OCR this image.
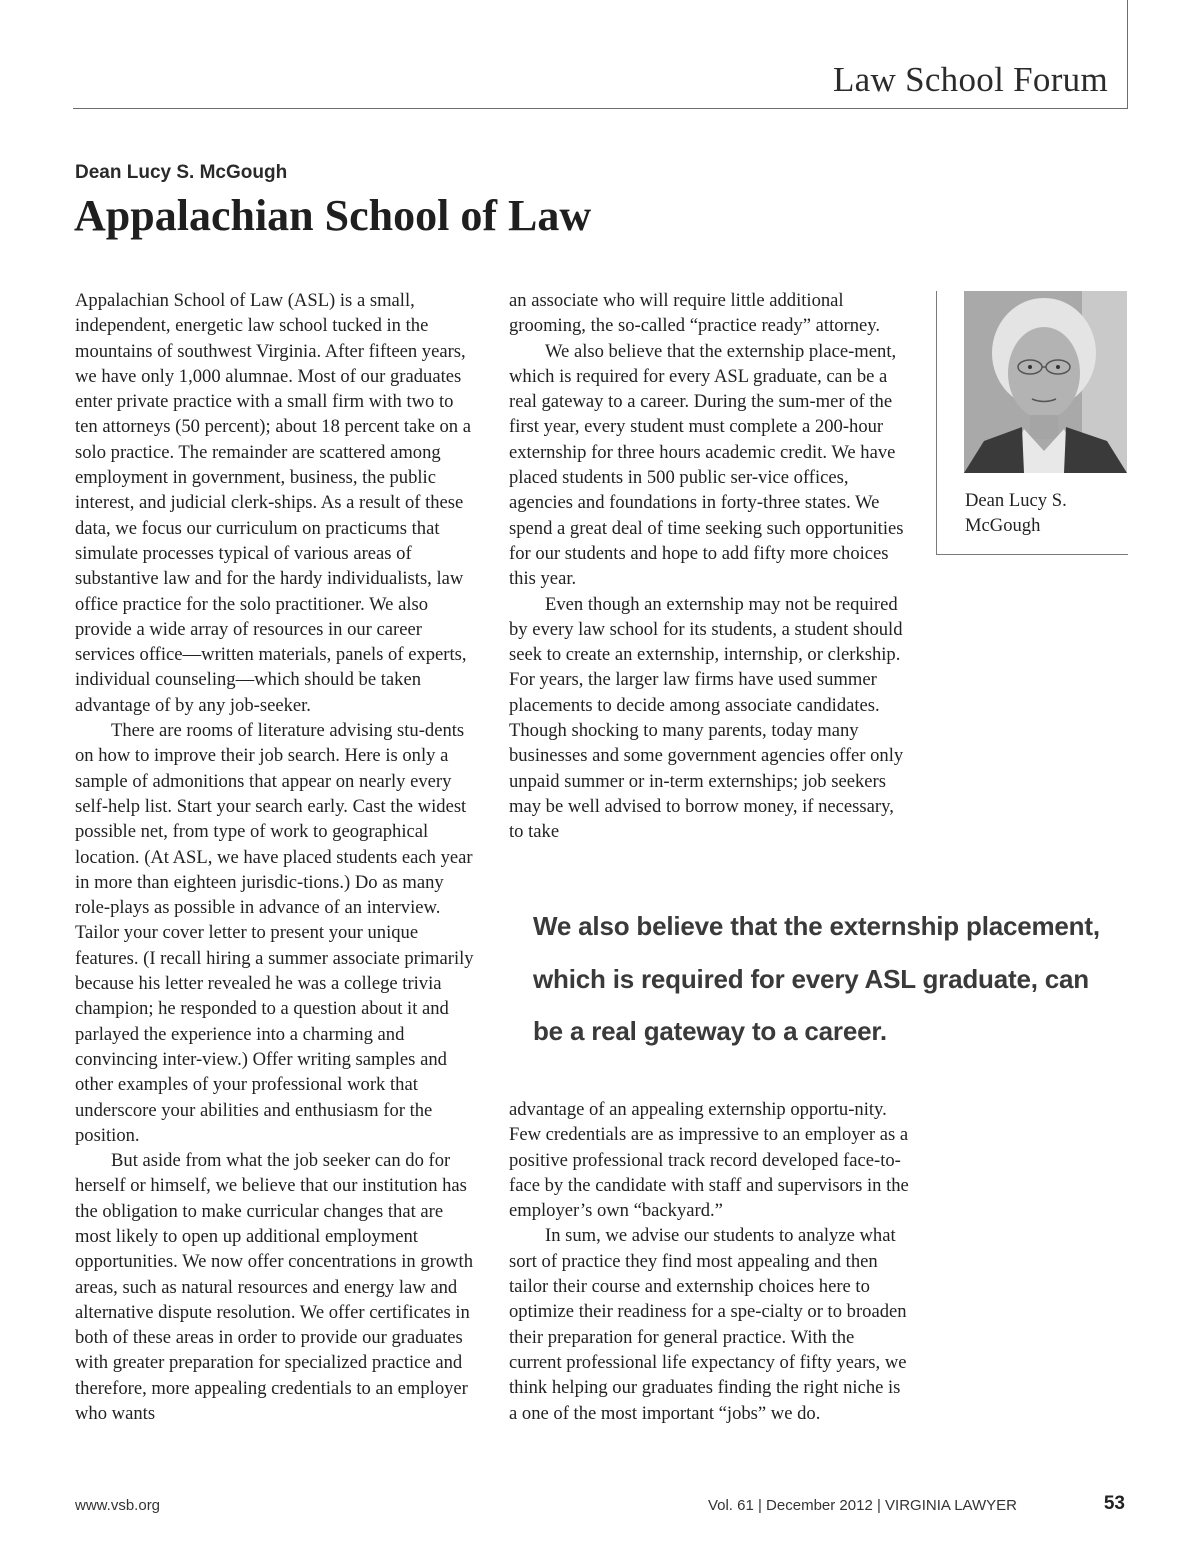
Law School Forum
Dean Lucy S. McGough
Appalachian School of Law

Appalachian School of Law (ASL) is a small, independent, energetic law school tucked in the mountains of southwest Virginia. After fifteen years, we have only 1,000 alumnae. Most of our graduates enter private practice with a small firm with two to ten attorneys (50 percent); about 18 percent take on a solo practice. The remainder are scattered among employment in government, business, the public interest, and judicial clerk-ships. As a result of these data, we focus our curriculum on practicums that simulate processes typical of various areas of substantive law and for the hardy individualists, law office practice for the solo practitioner. We also provide a wide array of resources in our career services office—written materials, panels of experts, individual counseling—which should be taken advantage of by any job-seeker.

There are rooms of literature advising stu-dents on how to improve their job search. Here is only a sample of admonitions that appear on nearly every self-help list. Start your search early. Cast the widest possible net, from type of work to geographical location. (At ASL, we have placed students each year in more than eighteen jurisdic-tions.) Do as many role-plays as possible in advance of an interview. Tailor your cover letter to present your unique features. (I recall hiring a summer associate primarily because his letter revealed he was a college trivia champion; he responded to a question about it and parlayed the experience into a charming and convincing inter-view.) Offer writing samples and other examples of your professional work that underscore your abilities and enthusiasm for the position.

But aside from what the job seeker can do for herself or himself, we believe that our institution has the obligation to make curricular changes that are most likely to open up additional employment opportunities. We now offer concentrations in growth areas, such as natural resources and energy law and alternative dispute resolution. We offer certificates in both of these areas in order to provide our graduates with greater preparation for specialized practice and therefore, more appealing credentials to an employer who wants

an associate who will require little additional grooming, the so-called “practice ready” attorney.

We also believe that the externship place-ment, which is required for every ASL graduate, can be a real gateway to a career. During the sum-mer of the first year, every student must complete a 200-hour externship for three hours academic credit. We have placed students in 500 public ser-vice offices, agencies and foundations in forty-three states. We spend a great deal of time seeking such opportunities for our students and hope to add fifty more choices this year.

Even though an externship may not be required by every law school for its students, a student should seek to create an externship, internship, or clerkship. For years, the larger law firms have used summer placements to decide among associate candidates. Though shocking to many parents, today many businesses and some government agencies offer only unpaid summer or in-term externships; job seekers may be well advised to borrow money, if necessary, to take

Dean Lucy S. McGough
We also believe that the externship placement, which is required for every ASL graduate, can be a real gateway to a career.

advantage of an appealing externship opportu-nity. Few credentials are as impressive to an employer as a positive professional track record developed face-to-face by the candidate with staff and supervisors in the employer’s own “backyard.”

In sum, we advise our students to analyze what sort of practice they find most appealing and then tailor their course and externship choices here to optimize their readiness for a spe-cialty or to broaden their preparation for general practice. With the current professional life expectancy of fifty years, we think helping our graduates finding the right niche is a one of the most important “jobs” we do.

www.vsb.org	Vol. 61 | December 2012 | VIRGINIA LAWYER	53
